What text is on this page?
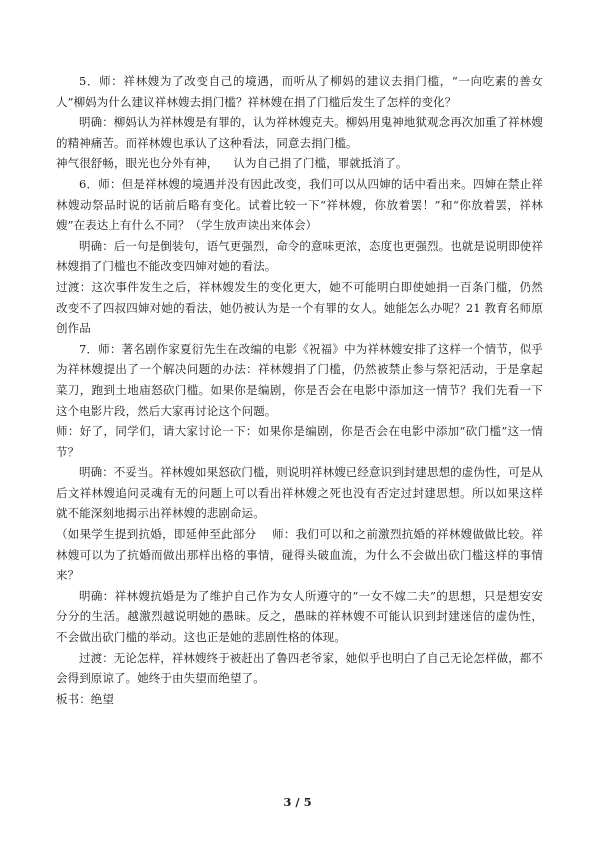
5．师：祥林嫂为了改变自己的境遇，而听从了柳妈的建议去捐门槛，“一向吃素的善女人”柳妈为什么建议祥林嫂去捐门槛？祥林嫂在捐了门槛后发生了怎样的变化？

明确：柳妈认为祥林嫂是有罪的，认为祥林嫂克夫。柳妈用鬼神地狱观念再次加重了祥林嫂的精神痛苦。而祥林嫂也承认了这种看法，同意去捐门槛。

神气很舒畅，眼光也分外有神，    认为自己捐了门槛，罪就抵消了。

6．师：但是祥林嫂的境遇并没有因此改变，我们可以从四婶的话中看出来。四婶在禁止祥林嫂动祭品时说的话前后略有变化。试着比较一下“祥林嫂，你放着罢！”和“你放着罢，祥林嫂”在表达上有什么不同？（学生放声读出来体会）

明确：后一句是倒装句，语气更强烈，命令的意味更浓，态度也更强烈。也就是说明即使祥林嫂捐了门槛也不能改变四婶对她的看法。

过渡：这次事件发生之后，祥林嫂发生的变化更大，她不可能明白即使她捐一百条门槛，仍然改变不了四叔四婶对她的看法，她仍被认为是一个有罪的女人。她能怎么办呢？21 教育名师原创作品

7．师：著名剧作家夏衍先生在改编的电影《祝福》中为祥林嫂安排了这样一个情节，似乎为祥林嫂提出了一个解决问题的办法：祥林嫂捐了门槛，仍然被禁止参与祭祀活动，于是拿起菜刀，跑到土地庙怒砍门槛。如果你是编剧，你是否会在电影中添加这一情节？我们先看一下这个电影片段，然后大家再讨论这个问题。

师：好了，同学们，请大家讨论一下：如果你是编剧，你是否会在电影中添加“砍门槛”这一情节？

明确：不妥当。祥林嫂如果怒砍门槛，则说明祥林嫂已经意识到封建思想的虚伪性，可是从后文祥林嫂追问灵魂有无的问题上可以看出祥林嫂之死也没有否定过封建思想。所以如果这样就不能深刻地揭示出祥林嫂的悲剧命运。

（如果学生提到抗婚，即延伸至此部分    师：我们可以和之前激烈抗婚的祥林嫂做做比较。祥林嫂可以为了抗婚而做出那样出格的事情，碰得头破血流，为什么不会做出砍门槛这样的事情来？

明确：祥林嫂抗婚是为了维护自己作为女人所遵守的“一女不嫁二夫”的思想，只是想安安分分的生活。越激烈越说明她的愚昧。反之，愚昧的祥林嫂不可能认识到封建迷信的虚伪性，不会做出砍门槛的举动。这也正是她的悲剧性格的体现。

过渡：无论怎样，祥林嫂终于被赶出了鲁四老爷家，她似乎也明白了自己无论怎样做，都不会得到原谅了。她终于由失望而绝望了。

板书：绝望

3 / 5
